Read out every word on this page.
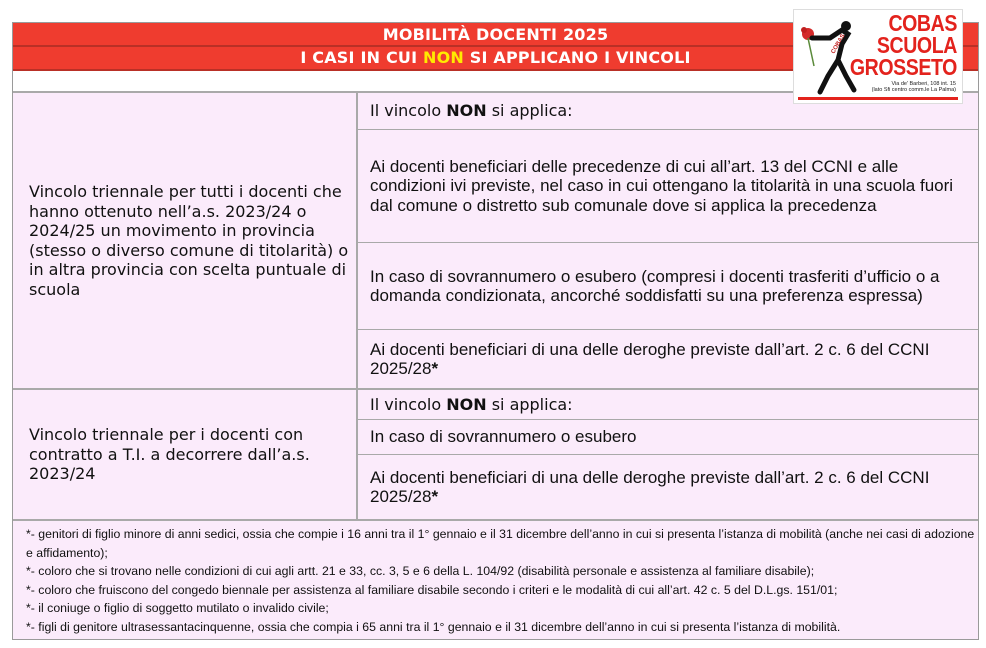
MOBILITÀ DOCENTI 2025
I CASI IN CUI NON SI APPLICANO I VINCOLI
Vincolo triennale per tutti i docenti che hanno ottenuto nell’a.s. 2023/24 o 2024/25 un movimento in provincia (stesso o diverso comune di titolarità) o in altra provincia con scelta puntuale di scuola
Il vincolo NON si applica:
Ai docenti beneficiari delle precedenze di cui all’art. 13 del CCNI e alle condizioni ivi previste, nel caso in cui ottengano la titolarità in una scuola fuori dal comune o distretto sub comunale dove si applica la precedenza
In caso di sovrannumero o esubero (compresi i docenti trasferiti d’ufficio o a domanda condizionata, ancorché soddisfatti su una preferenza espressa)
Ai docenti beneficiari di una delle deroghe previste dall’art. 2 c. 6 del CCNI 2025/28*
Vincolo triennale per i docenti con contratto a T.I. a decorrere dall’a.s. 2023/24
Il vincolo NON si applica:
In caso di sovrannumero o esubero
Ai docenti beneficiari di una delle deroghe previste dall’art. 2 c. 6 del CCNI 2025/28*
*- genitori di figlio minore di anni sedici, ossia che compie i 16 anni tra il 1° gennaio e il 31 dicembre dell’anno in cui si presenta l’istanza di mobilità (anche nei casi di adozione e affidamento);
*- coloro che si trovano nelle condizioni di cui agli artt. 21 e 33, cc. 3, 5 e 6 della L. 104/92 (disabilità personale e assistenza al familiare disabile);
*- coloro che fruiscono del congedo biennale per assistenza al familiare disabile secondo i criteri e le modalità di cui all’art. 42 c. 5 del D.L.gs. 151/01;
*- il coniuge o figlio di soggetto mutilato o invalido civile;
*- figli di genitore ultrasessantacinquenne, ossia che compia i 65 anni tra il 1° gennaio e il 31 dicembre dell’anno in cui si presenta l’istanza di mobilità.
COBAS
COBAS
SCUOLA
GROSSETO
Via de' Barberi, 108 int. 15
(lato Sfi centro comm.le La Palma)
